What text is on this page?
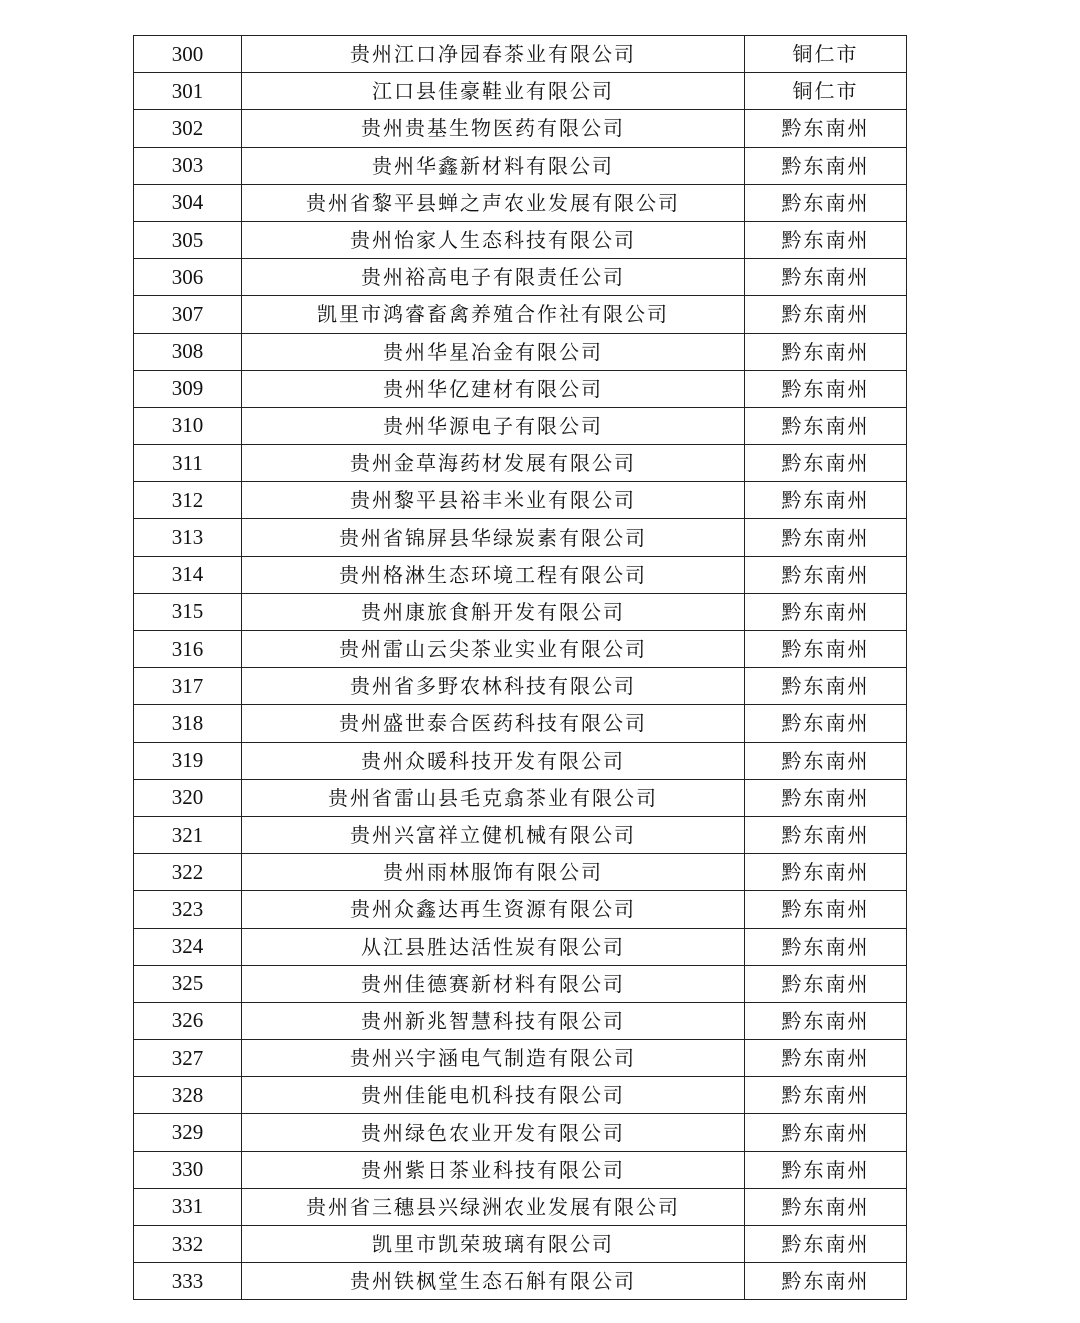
300	贵州江口净园春茶业有限公司	铜仁市
301	江口县佳豪鞋业有限公司	铜仁市
302	贵州贵基生物医药有限公司	黔东南州
303	贵州华鑫新材料有限公司	黔东南州
304	贵州省黎平县蝉之声农业发展有限公司	黔东南州
305	贵州怡家人生态科技有限公司	黔东南州
306	贵州裕高电子有限责任公司	黔东南州
307	凯里市鸿睿畜禽养殖合作社有限公司	黔东南州
308	贵州华星冶金有限公司	黔东南州
309	贵州华亿建材有限公司	黔东南州
310	贵州华源电子有限公司	黔东南州
311	贵州金草海药材发展有限公司	黔东南州
312	贵州黎平县裕丰米业有限公司	黔东南州
313	贵州省锦屏县华绿炭素有限公司	黔东南州
314	贵州格淋生态环境工程有限公司	黔东南州
315	贵州康旅食斛开发有限公司	黔东南州
316	贵州雷山云尖茶业实业有限公司	黔东南州
317	贵州省多野农林科技有限公司	黔东南州
318	贵州盛世泰合医药科技有限公司	黔东南州
319	贵州众暖科技开发有限公司	黔东南州
320	贵州省雷山县毛克翕茶业有限公司	黔东南州
321	贵州兴富祥立健机械有限公司	黔东南州
322	贵州雨林服饰有限公司	黔东南州
323	贵州众鑫达再生资源有限公司	黔东南州
324	从江县胜达活性炭有限公司	黔东南州
325	贵州佳德赛新材料有限公司	黔东南州
326	贵州新兆智慧科技有限公司	黔东南州
327	贵州兴宇涵电气制造有限公司	黔东南州
328	贵州佳能电机科技有限公司	黔东南州
329	贵州绿色农业开发有限公司	黔东南州
330	贵州紫日茶业科技有限公司	黔东南州
331	贵州省三穗县兴绿洲农业发展有限公司	黔东南州
332	凯里市凯荣玻璃有限公司	黔东南州
333	贵州铁枫堂生态石斛有限公司	黔东南州
